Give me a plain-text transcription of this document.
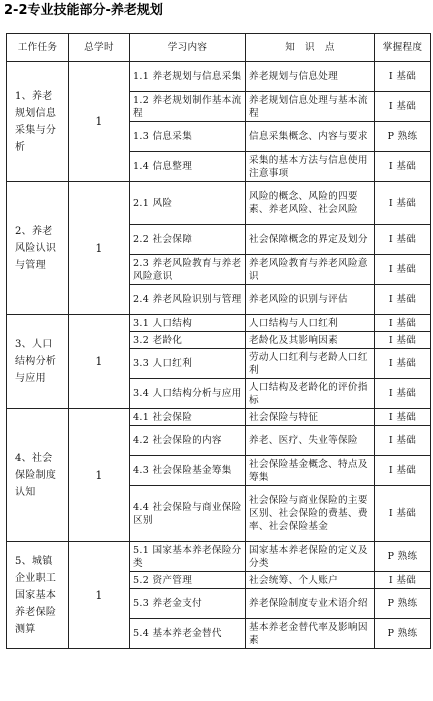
2-2专业技能部分-养老规划
工作任务	总学时	学习内容	知　识　点	掌握程度
1、养老规划信息采集与分析	1	1.1 养老规划与信息采集	养老规划与信息处理	I 基础
		1.2 养老规划制作基本流程	养老规划信息处理与基本流程	I 基础
		1.3 信息采集	信息采集概念、内容与要求	P 熟练
		1.4 信息整理	采集的基本方法与信息使用注意事项	I 基础
2、养老风险认识与管理	1	2.1 风险	风险的概念、风险的四要素、养老风险、社会风险	I 基础
		2.2 社会保障	社会保障概念的界定及划分	I 基础
		2.3 养老风险教育与养老风险意识	养老风险教育与养老风险意识	I 基础
		2.4 养老风险识别与管理	养老风险的识别与评估	I 基础
3、人口结构分析与应用	1	3.1 人口结构	人口结构与人口红利	I 基础
		3.2 老龄化	老龄化及其影响因素	I 基础
		3.3 人口红利	劳动人口红利与老龄人口红利	I 基础
		3.4 人口结构分析与应用	人口结构及老龄化的评价指标	I 基础
4、社会保险制度认知	1	4.1 社会保险	社会保险与特征	I 基础
		4.2 社会保险的内容	养老、医疗、失业等保险	I 基础
		4.3 社会保险基金筹集	社会保险基金概念、特点及筹集	I 基础
		4.4 社会保险与商业保险区别	社会保险与商业保险的主要区别、社会保险的费基、费率、社会保险基金	I 基础
5、城镇企业职工国家基本养老保险测算	1	5.1 国家基本养老保险分类	国家基本养老保险的定义及分类	P 熟练
		5.2 资产管理	社会统筹、个人账户	I 基础
		5.3 养老金支付	养老保险制度专业术语介绍	P 熟练
		5.4 基本养老金替代	基本养老金替代率及影响因素	P 熟练
